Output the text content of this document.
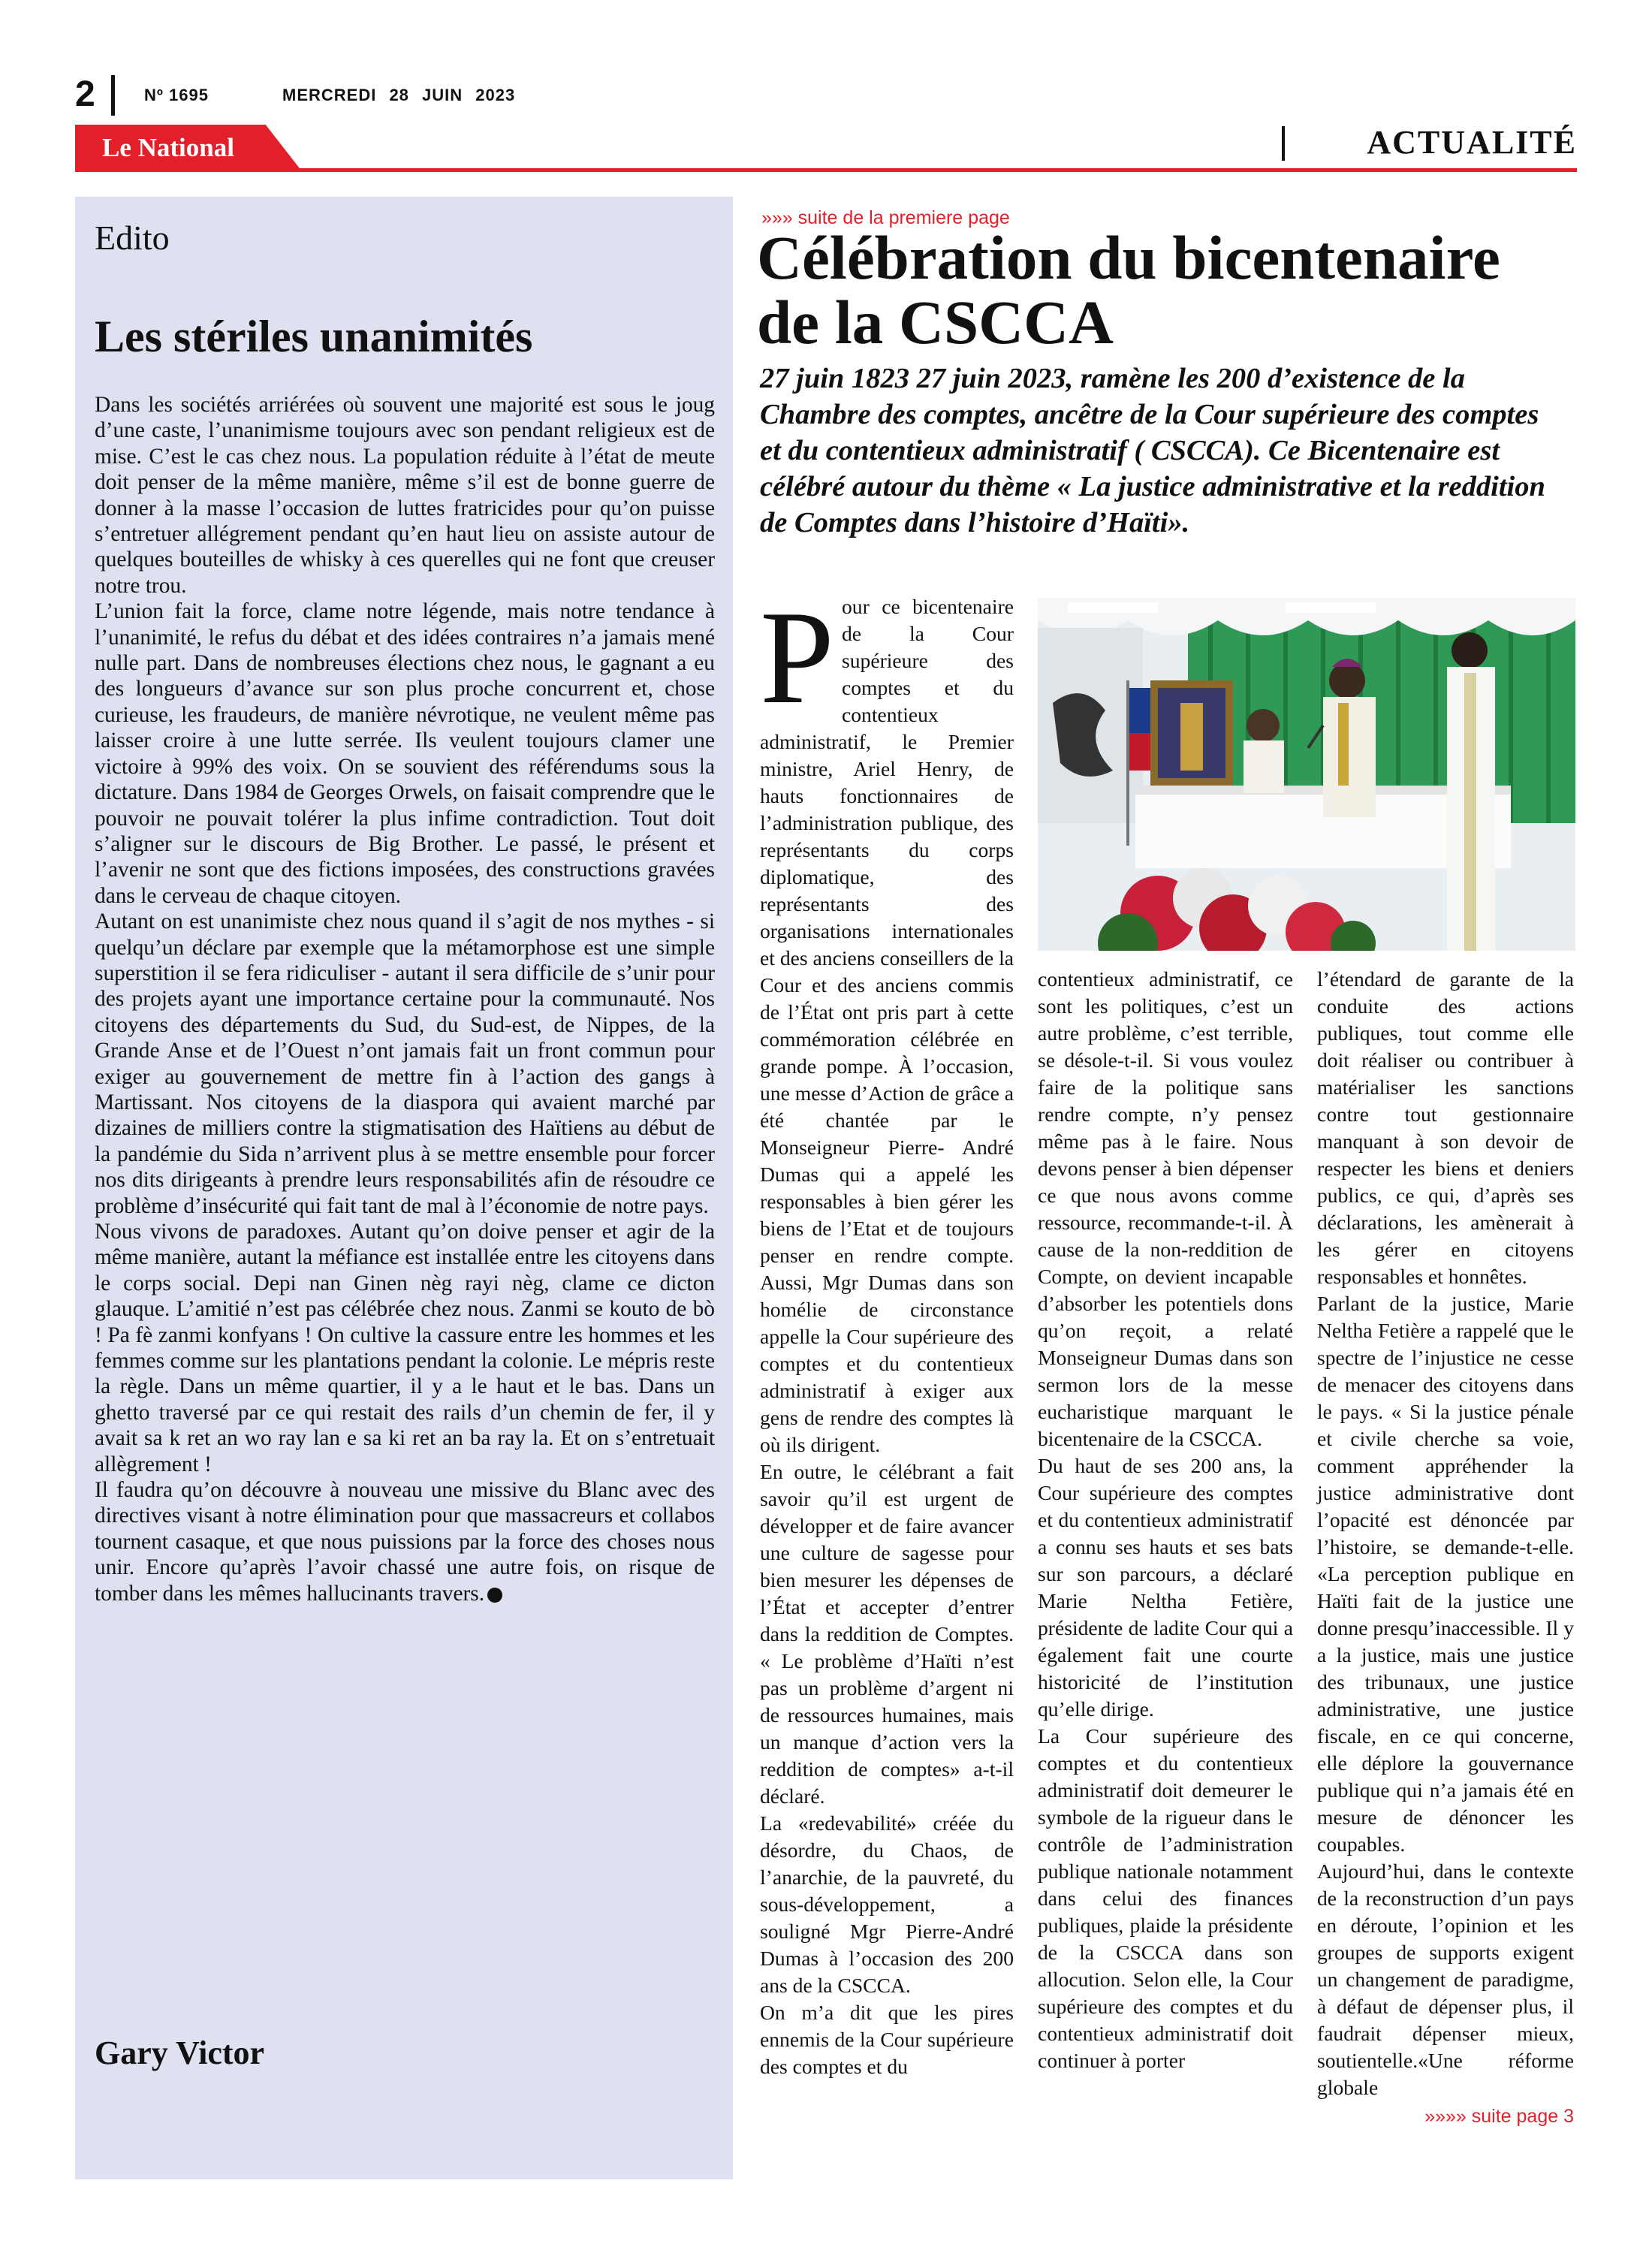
2	Nº 1695	MERCREDI 28 JUIN 2023
Le National	ACTUALITÉ
Edito
Les stériles unanimités

Dans les sociétés arriérées où souvent une majorité est sous le joug d’une caste, l’unanimisme toujours avec son pendant religieux est de mise. C’est le cas chez nous. La population réduite à l’état de meute doit penser de la même manière, même s’il est de bonne guerre de donner à la masse l’occasion de luttes fratricides pour qu’on puisse s’entretuer allégrement pendant qu’en haut lieu on assiste autour de quelques bouteilles de whisky à ces querelles qui ne font que creuser notre trou.

L’union fait la force, clame notre légende, mais notre tendance à l’unanimité, le refus du débat et des idées contraires n’a jamais mené nulle part. Dans de nombreuses élections chez nous, le gagnant a eu des longueurs d’avance sur son plus proche concurrent et, chose curieuse, les fraudeurs, de manière névrotique, ne veulent même pas laisser croire à une lutte serrée. Ils veulent toujours clamer une victoire à 99% des voix. On se souvient des référendums sous la dictature. Dans 1984 de Georges Orwels, on faisait comprendre que le pouvoir ne pouvait tolérer la plus infime contradiction. Tout doit s’aligner sur le discours de Big Brother. Le passé, le présent et l’avenir ne sont que des fictions imposées, des constructions gravées dans le cerveau de chaque citoyen.

Autant on est unanimiste chez nous quand il s’agit de nos mythes - si quelqu’un déclare par exemple que la métamorphose est une simple superstition il se fera ridiculiser - autant il sera difficile de s’unir pour des projets ayant une importance certaine pour la communauté. Nos citoyens des départements du Sud, du Sud-est, de Nippes, de la Grande Anse et de l’Ouest n’ont jamais fait un front commun pour exiger au gouvernement de mettre fin à l’action des gangs à Martissant. Nos citoyens de la diaspora qui avaient marché par dizaines de milliers contre la stigmatisation des Haïtiens au début de la pandémie du Sida n’arrivent plus à se mettre ensemble pour forcer nos dits dirigeants à prendre leurs responsabilités afin de résoudre ce problème d’insécurité qui fait tant de mal à l’économie de notre pays.

Nous vivons de paradoxes. Autant qu’on doive penser et agir de la même manière, autant la méfiance est installée entre les citoyens dans le corps social. Depi nan Ginen nèg rayi nèg, clame ce dicton glauque. L’amitié n’est pas célébrée chez nous. Zanmi se kouto de bò ! Pa fè zanmi konfyans ! On cultive la cassure entre les hommes et les femmes comme sur les plantations pendant la colonie. Le mépris reste la règle. Dans un même quartier, il y a le haut et le bas. Dans un ghetto traversé par ce qui restait des rails d’un chemin de fer, il y avait sa k ret an wo ray lan e sa ki ret an ba ray la. Et on s’entretuait allègrement !

Il faudra qu’on découvre à nouveau une missive du Blanc avec des directives visant à notre élimination pour que massacreurs et collabos tournent casaque, et que nous puissions par la force des choses nous unir. Encore qu’après l’avoir chassé une autre fois, on risque de tomber dans les mêmes hallucinants travers.

Gary Victor
»»» suite de la premiere page
Célébration du bicentenaire de la CSCCA

27 juin 1823 27 juin 2023, ramène les 200 d’existence de la Chambre des comptes, ancêtre de la Cour supérieure des comptes et du contentieux administratif ( CSCCA). Ce Bicentenaire est célébré autour du thème « La justice administrative et la reddition de Comptes dans l’histoire d’Haïti».

P our ce bicentenaire de la Cour supérieure des comptes et du contentieux administratif, le Premier ministre, Ariel Henry, de hauts fonctionnaires de l’administration publique, des représentants du corps diplomatique, des représentants des organisations internationales et des anciens conseillers de la Cour et des anciens commis de l’État ont pris part à cette commémoration célébrée en grande pompe. À l’occasion, une messe d’Action de grâce a été chantée par le Monseigneur Pierre- André Dumas qui a appelé les responsables à bien gérer les biens de l’Etat et de toujours penser en rendre compte. Aussi, Mgr Dumas dans son homélie de circonstance appelle la Cour supérieure des comptes et du contentieux administratif à exiger aux gens de rendre des comptes là où ils dirigent.

En outre, le célébrant a fait savoir qu’il est urgent de développer et de faire avancer une culture de sagesse pour bien mesurer les dépenses de l’État et accepter d’entrer dans la reddition de Comptes. « Le problème d’Haïti n’est pas un problème d’argent ni de ressources humaines, mais un manque d’action vers la reddition de comptes» a-t-il déclaré.

La «redevabilité» créée du désordre, du Chaos, de l’anarchie, de la pauvreté, du sous-développement, a souligné Mgr Pierre-André Dumas à l’occasion des 200 ans de la CSCCA.

On m’a dit que les pires ennemis de la Cour supérieure des comptes et du

contentieux administratif, ce sont les politiques, c’est un autre problème, c’est terrible, se désole-t-il. Si vous voulez faire de la politique sans rendre compte, n’y pensez même pas à le faire. Nous devons penser à bien dépenser ce que nous avons comme ressource, recommande-t-il. À cause de la non-reddition de Compte, on devient incapable d’absorber les potentiels dons qu’on reçoit, a relaté Monseigneur Dumas dans son sermon lors de la messe eucharistique marquant le bicentenaire de la CSCCA.

Du haut de ses 200 ans, la Cour supérieure des comptes et du contentieux administratif a connu ses hauts et ses bats sur son parcours, a déclaré Marie Neltha Fetière, présidente de ladite Cour qui a également fait une courte historicité de l’institution qu’elle dirige.

La Cour supérieure des comptes et du contentieux administratif doit demeurer le symbole de la rigueur dans le contrôle de l’administration publique nationale notamment dans celui des finances publiques, plaide la présidente de la CSCCA dans son allocution. Selon elle, la Cour supérieure des comptes et du contentieux administratif doit continuer à porter

l’étendard de garante de la conduite des actions publiques, tout comme elle doit réaliser ou contribuer à matérialiser les sanctions contre tout gestionnaire manquant à son devoir de respecter les biens et deniers publics, ce qui, d’après ses déclarations, les amènerait à les gérer en citoyens responsables et honnêtes.

Parlant de la justice, Marie Neltha Fetière a rappelé que le spectre de l’injustice ne cesse de menacer des citoyens dans le pays. « Si la justice pénale et civile cherche sa voie, comment appréhender la justice administrative dont l’opacité est dénoncée par l’histoire, se demande-t-elle. «La perception publique en Haïti fait de la justice une donne presqu’inaccessible. Il y a la justice, mais une justice des tribunaux, une justice administrative, une justice fiscale, en ce qui concerne, elle déplore la gouvernance publique qui n’a jamais été en mesure de dénoncer les coupables.

Aujourd’hui, dans le contexte de la reconstruction d’un pays en déroute, l’opinion et les groupes de supports exigent un changement de paradigme, à défaut de dépenser plus, il faudrait dépenser mieux, soutientelle.«Une réforme globale

»»»» suite page 3
